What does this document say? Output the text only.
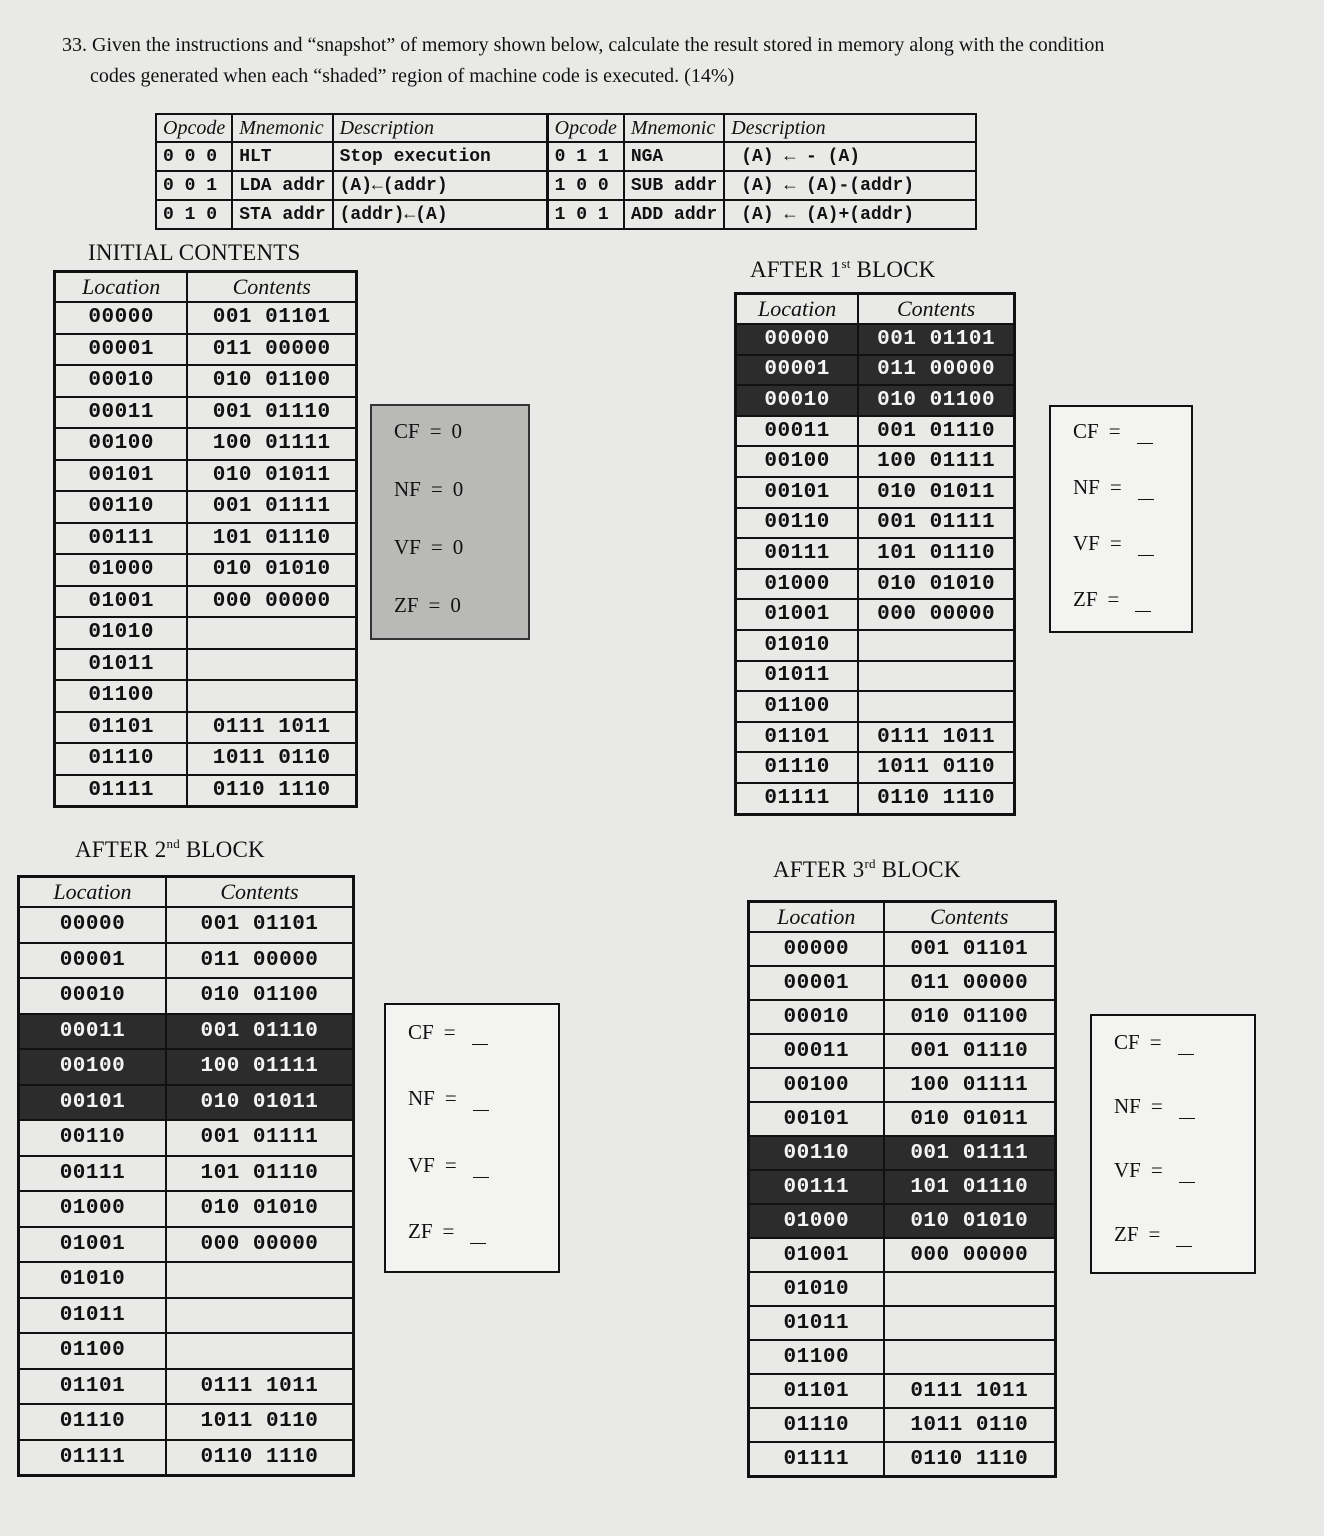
33. Given the instructions and “snapshot” of memory shown below, calculate the result stored in memory along with the condition
codes generated when each “shaded” region of machine code is executed. (14%)
Opcode	Mnemonic	Description	Opcode	Mnemonic	Description
0 0 0	HLT	Stop execution	0 1 1	NGA	(A) ← - (A)
0 0 1	LDA addr	(A)←(addr)	1 0 0	SUB addr	(A) ← (A)-(addr)
0 1 0	STA addr	(addr)←(A)	1 0 1	ADD addr	(A) ← (A)+(addr)
INITIAL CONTENTS
AFTER 1st BLOCK
AFTER 2nd BLOCK
AFTER 3rd BLOCK
Location	Contents
00000	001 01101
00001	011 00000
00010	010 01100
00011	001 01110
00100	100 01111
00101	010 01011
00110	001 01111
00111	101 01110
01000	010 01010
01001	000 00000
01010	
01011	
01100	
01101	0111 1011
01110	1011 0110
01111	0110 1110
Location	Contents
00000	001 01101
00001	011 00000
00010	010 01100
00011	001 01110
00100	100 01111
00101	010 01011
00110	001 01111
00111	101 01110
01000	010 01010
01001	000 00000
01010	
01011	
01100	
01101	0111 1011
01110	1011 0110
01111	0110 1110
Location	Contents
00000	001 01101
00001	011 00000
00010	010 01100
00011	001 01110
00100	100 01111
00101	010 01011
00110	001 01111
00111	101 01110
01000	010 01010
01001	000 00000
01010	
01011	
01100	
01101	0111 1011
01110	1011 0110
01111	0110 1110
Location	Contents
00000	001 01101
00001	011 00000
00010	010 01100
00011	001 01110
00100	100 01111
00101	010 01011
00110	001 01111
00111	101 01110
01000	010 01010
01001	000 00000
01010	
01011	
01100	
01101	0111 1011
01110	1011 0110
01111	0110 1110
CF = 0
NF = 0
VF = 0
ZF = 0
CF =
NF =
VF =
ZF =
CF =
NF =
VF =
ZF =
CF =
NF =
VF =
ZF =
